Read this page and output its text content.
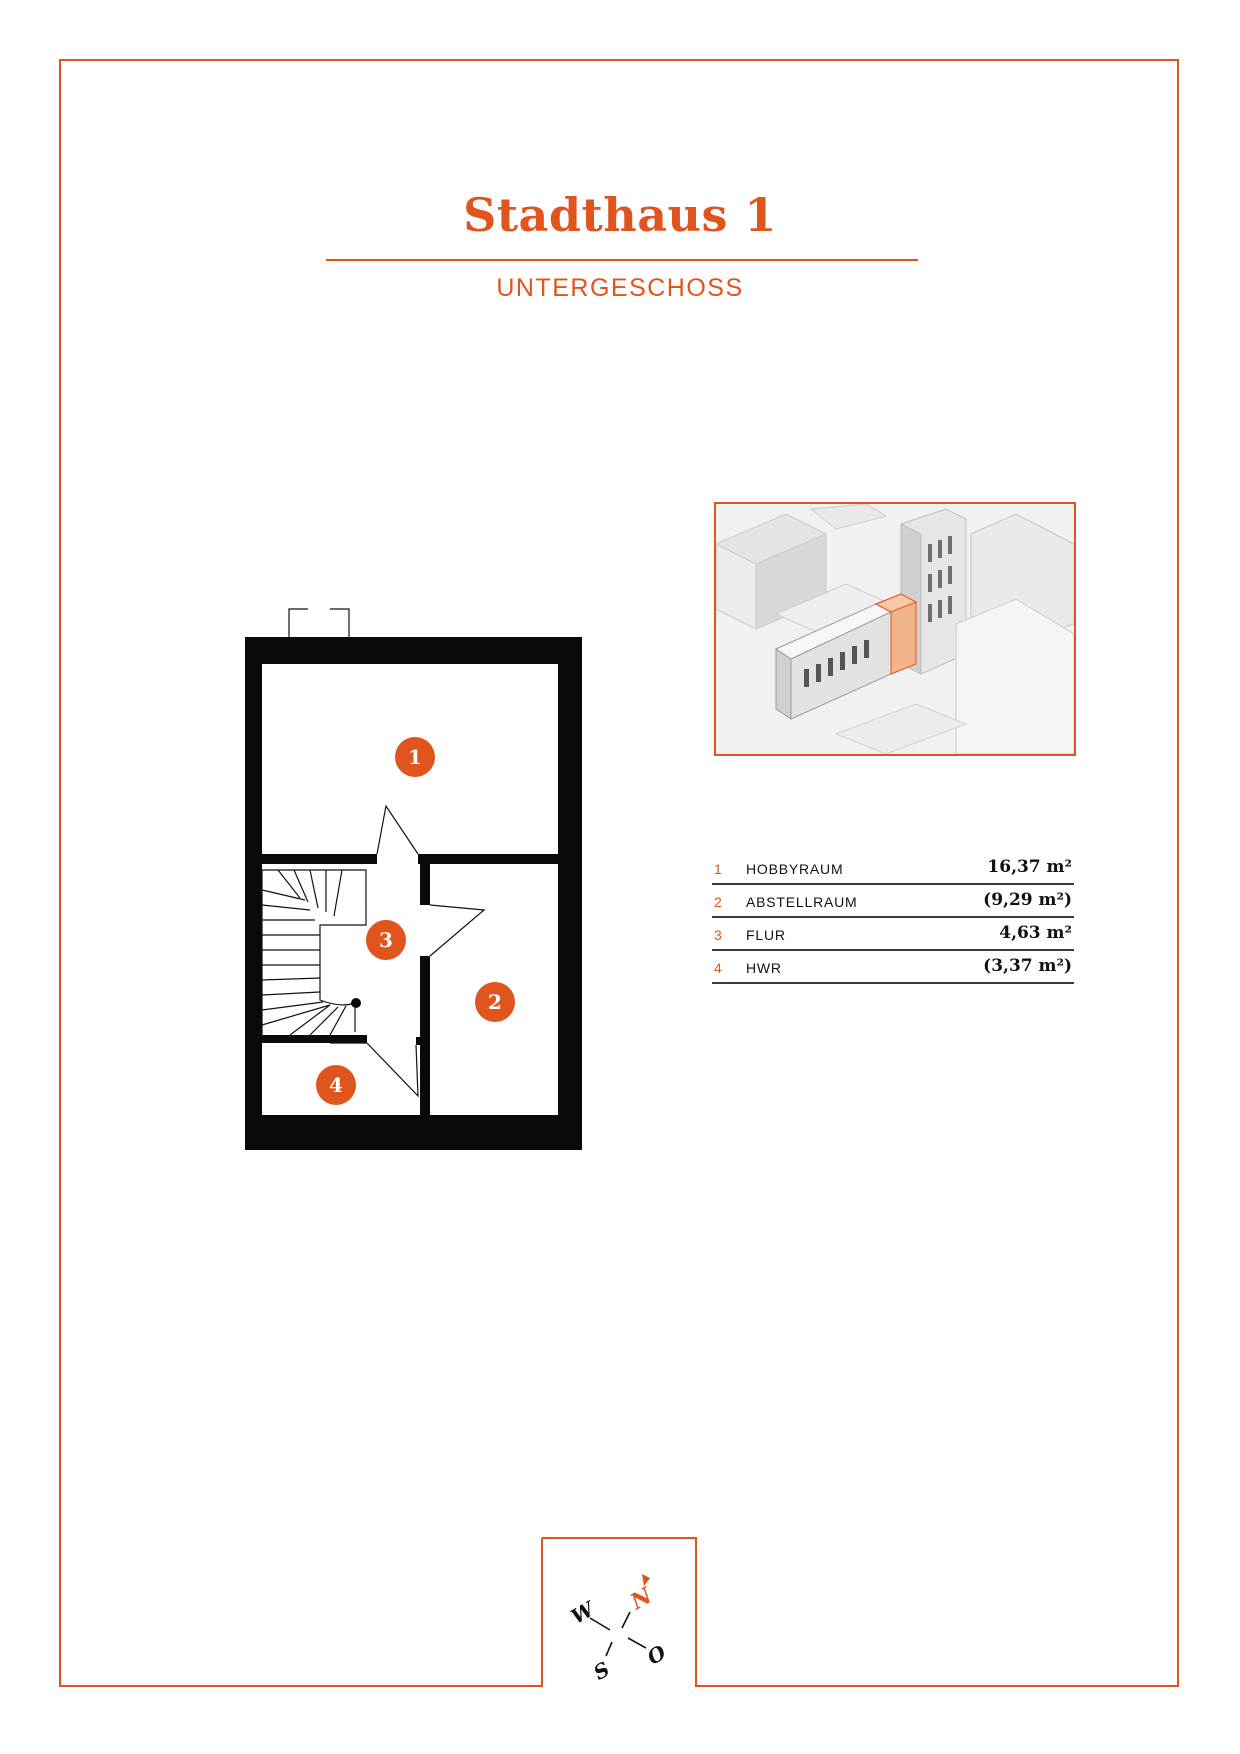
Stadthaus 1
UNTERGESCHOSS
1
2
3
4
1 HOBBYRAUM	16,37 m²
2 ABSTELLRAUM	(9,29 m²)
3 FLUR	4,63 m²
4 HWR	(3,37 m²)
N
W
O
S
